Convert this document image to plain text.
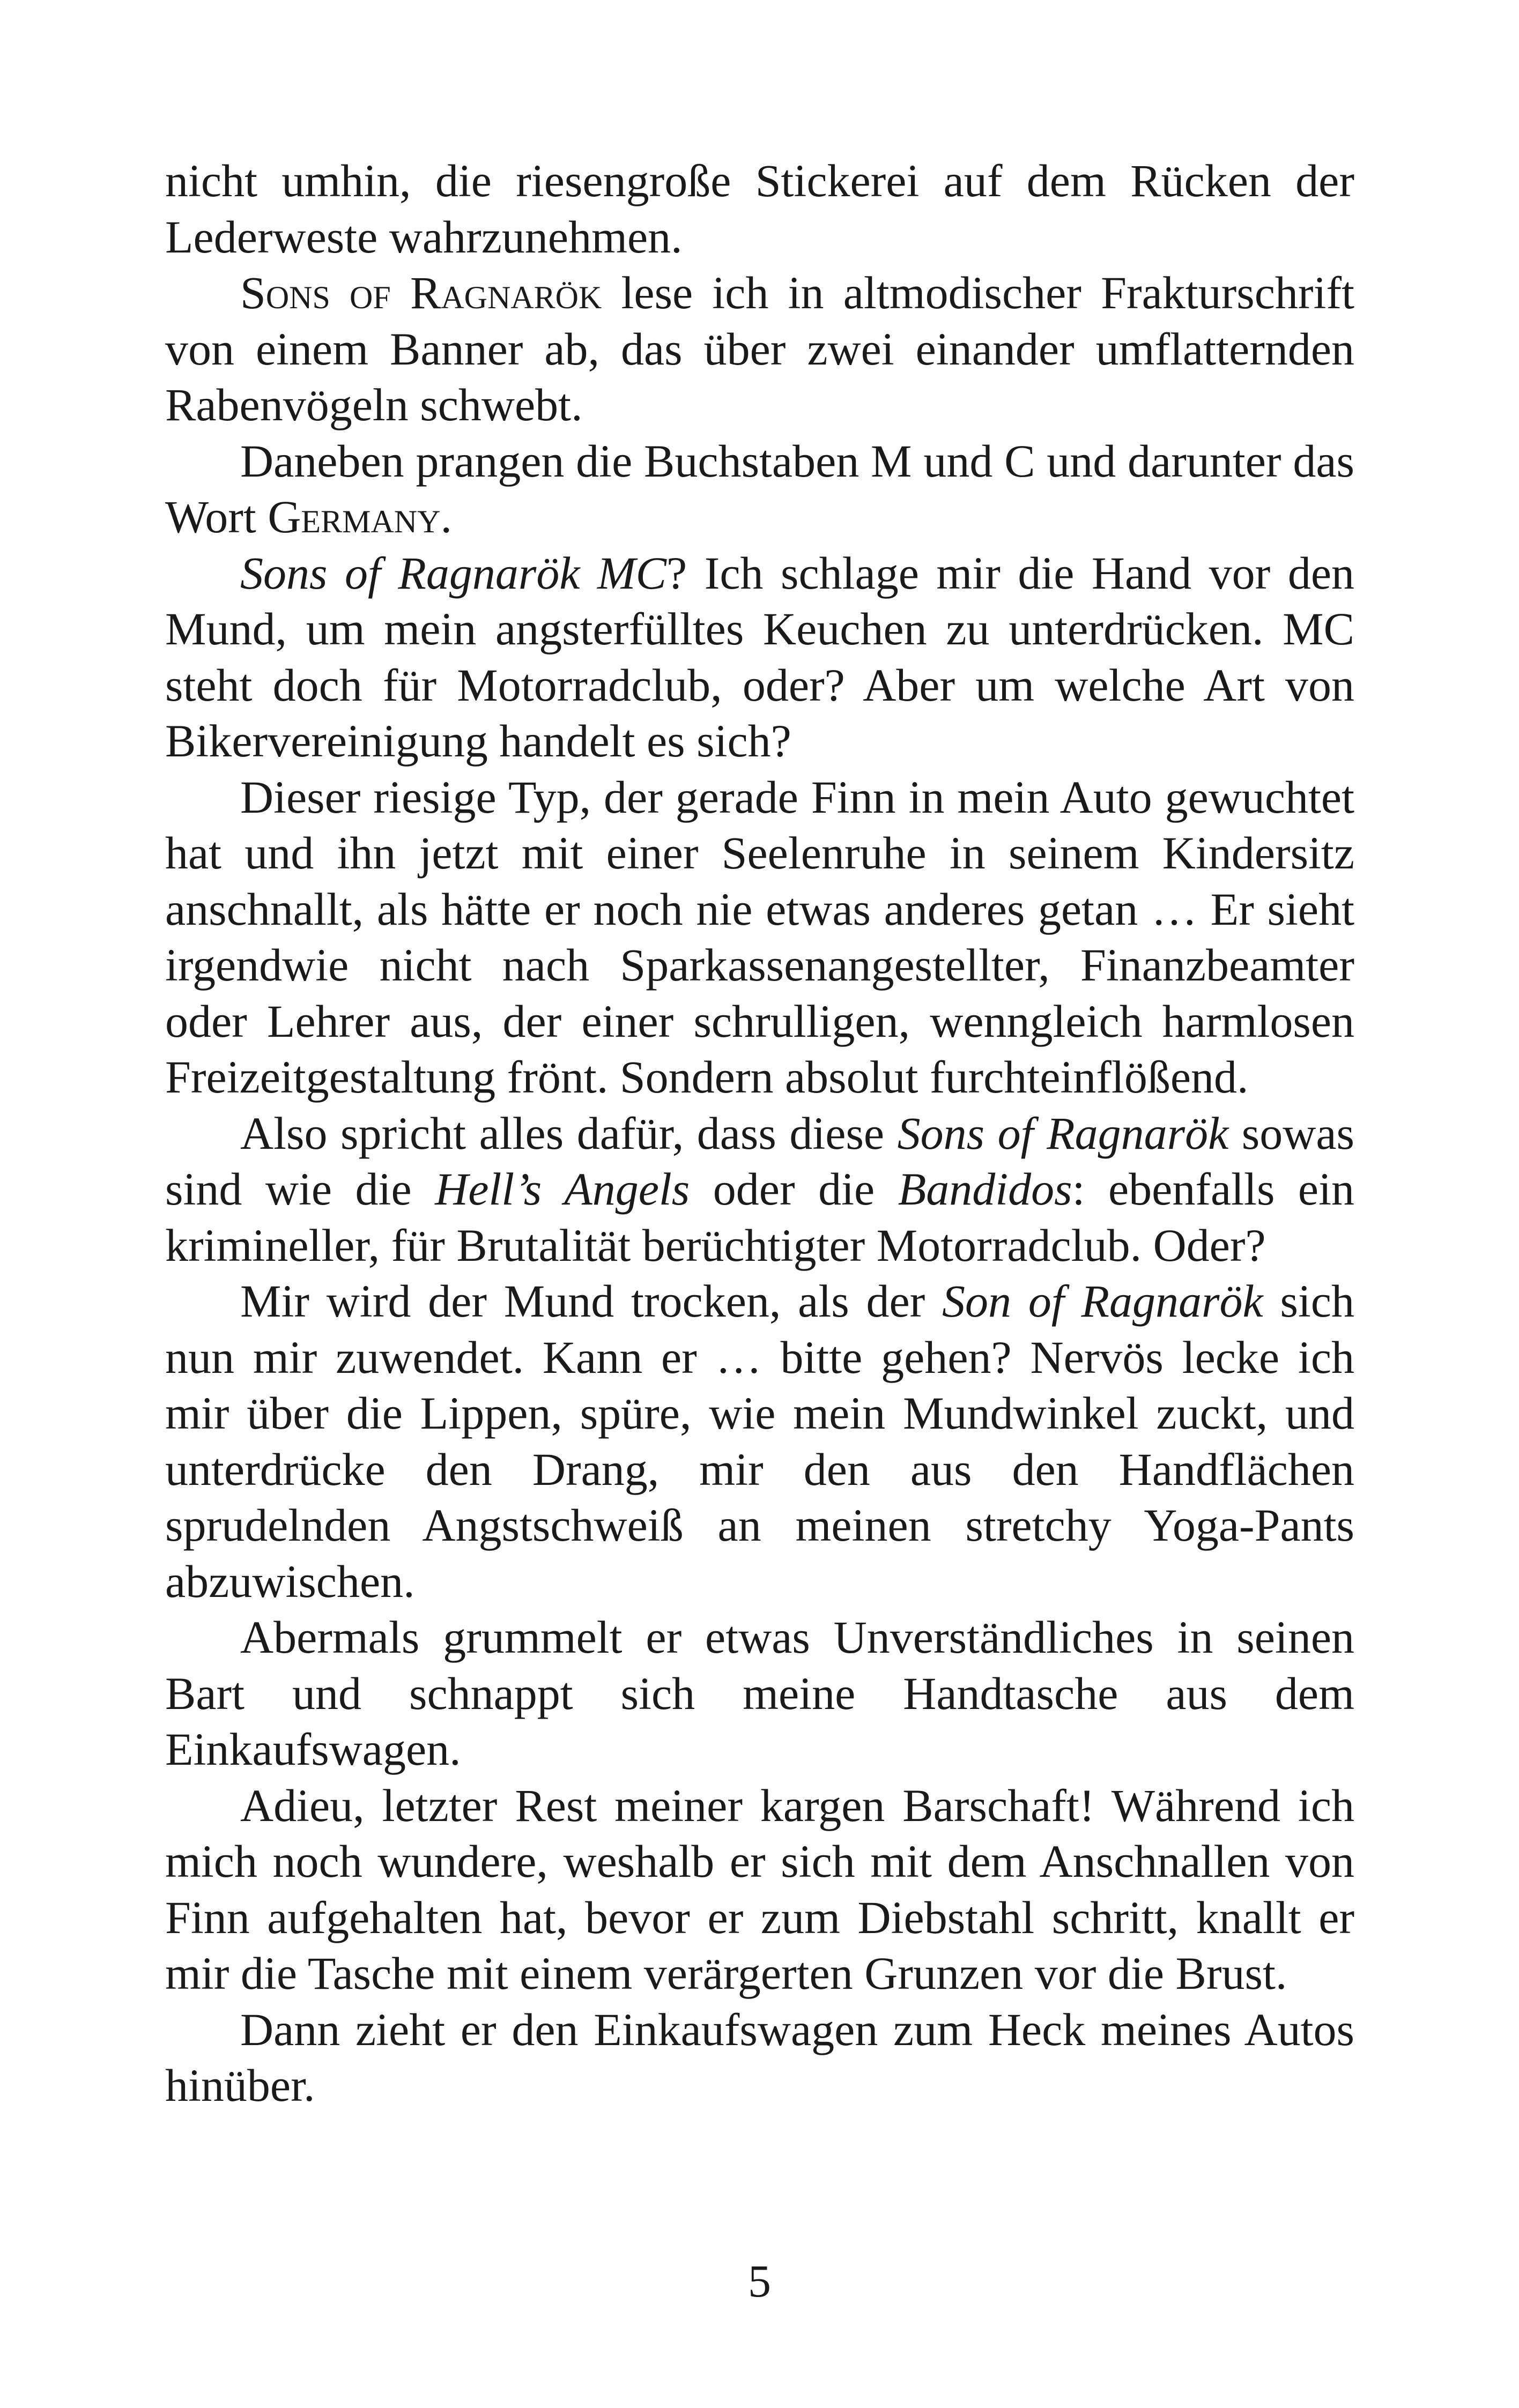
nicht umhin, die riesengroße Stickerei auf dem Rücken der Lederweste wahrzunehmen.

Sons of Ragnarök lese ich in altmodischer Frakturschrift von einem Banner ab, das über zwei einander umflatternden Rabenvögeln schwebt.

Daneben prangen die Buchstaben M und C und darunter das Wort Germany.

Sons of Ragnarök MC? Ich schlage mir die Hand vor den Mund, um mein angsterfülltes Keuchen zu unterdrücken. MC steht doch für Motorradclub, oder? Aber um welche Art von Bikervereinigung handelt es sich?

Dieser riesige Typ, der gerade Finn in mein Auto gewuchtet hat und ihn jetzt mit einer Seelenruhe in seinem Kindersitz anschnallt, als hätte er noch nie etwas anderes getan … Er sieht irgendwie nicht nach Sparkassenangestellter, Finanzbeamter oder Lehrer aus, der einer schrulligen, wenngleich harmlosen Freizeitgestaltung frönt. Sondern absolut furchteinflößend.

Also spricht alles dafür, dass diese Sons of Ragnarök sowas sind wie die Hell’s Angels oder die Bandidos: ebenfalls ein krimineller, für Brutalität berüchtigter Motorradclub. Oder?

Mir wird der Mund trocken, als der Son of Ragnarök sich nun mir zuwendet. Kann er … bitte gehen? Nervös lecke ich mir über die Lippen, spüre, wie mein Mundwinkel zuckt, und unterdrücke den Drang, mir den aus den Handflächen sprudelnden Angstschweiß an meinen stretchy Yoga-Pants abzuwischen.

Abermals grummelt er etwas Unverständliches in seinen Bart und schnappt sich meine Handtasche aus dem Einkaufswagen.

Adieu, letzter Rest meiner kargen Barschaft! Während ich mich noch wundere, weshalb er sich mit dem Anschnallen von Finn aufgehalten hat, bevor er zum Diebstahl schritt, knallt er mir die Tasche mit einem verärgerten Grunzen vor die Brust.

Dann zieht er den Einkaufswagen zum Heck meines Autos hinüber.

5
